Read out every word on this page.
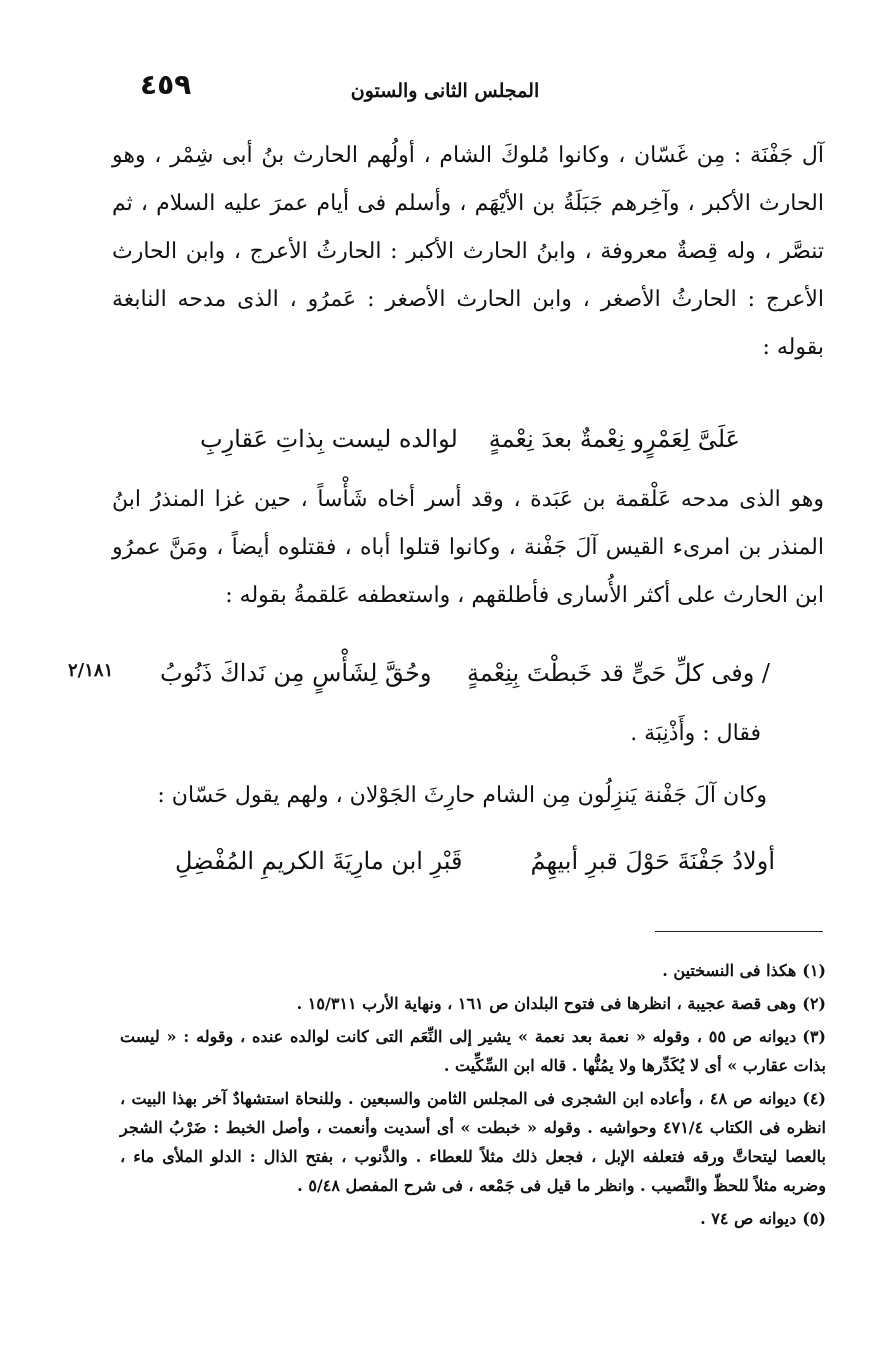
٤٥٩	المجلس الثانى والستون
آل جَفْنَة : مِن غَسّان ، وكانوا مُلوكَ الشام ، أولُهم الحارث بنُ أبى شِمْر ، وهو الحارث الأكبر ، وآخِرهم جَبَلَةُ بن الأيْهَم ، وأسلم فى أيام عمرَ عليه السلام ، ثم تنصَّر ، وله قِصةٌ معروفة ، وابنُ الحارث الأكبر : الحارثُ الأعرج ، وابن الحارث الأعرج : الحارثُ الأصغر ، وابن الحارث الأصغر : عَمرُو ، الذى مدحه النابغة بقوله :
عَلَىَّ لِعَمْرٍو نِعْمةٌ بعدَ نِعْمةٍ
لوالده ليست بِذاتِ عَقارِبِ
وهو الذى مدحه عَلْقمة بن عَبَدة ، وقد أسر أخاه شَأْساً ، حين غزا المنذرُ ابنُ المنذر بن امرىء القيس آلَ جَفْنة ، وكانوا قتلوا أباه ، فقتلوه أيضاً ، ومَنَّ عمرُو ابن الحارث على أكثر الأُسارى فأطلقهم ، واستعطفه عَلقمةُ بقوله :
/ وفى كلِّ حَىٍّ قد خَبطْتَ بِنِعْمةٍ
وحُقَّ لِشَأْسٍ مِن نَداكَ ذَنُوبُ
٢/١٨١
فقال : وأَذْنِبَة .
وكان آلَ جَفْنة يَنزِلُون مِن الشام حارِثَ الجَوْلان ، ولهم يقول حَسّان :
أولادُ جَفْنَةَ حَوْلَ قبرِ أبيهِمُ
قَبْرِ ابن مارِيَةَ الكريمِ المُفْضِلِ
(١)هكذا فى النسختين .
(٢)وهى قصة عجيبة ، انظرها فى فتوح البلدان ص ١٦١ ، ونهاية الأرب ١٥/٣١١ .
(٣)ديوانه ص ٥٥ ، وقوله « نعمة بعد نعمة » يشير إلى النِّعَم التى كانت لوالده عنده ، وقوله : « ليست بذات عقارب » أى لا يُكَدِّرها ولا يمُنُّها . قاله ابن السِّكِّيت .
(٤)ديوانه ص ٤٨ ، وأعاده ابن الشجرى فى المجلس الثامن والسبعين . وللنحاة استشهادٌ آخر بهذا البيت ، انظره فى الكتاب ٤٧١/٤ وحواشيه . وقوله « خبطت » أى أسديت وأنعمت ، وأصل الخبط : ضَرْبُ الشجر بالعصا ليتحاتَّ ورقه فتعلفه الإبل ، فجعل ذلك مثلاً للعطاء . والذَّنوب ، بفتح الذال : الدلو الملأى ماء ، وضربه مثلاً للحظّ والنَّصيب . وانظر ما قيل فى جَمْعه ، فى شرح المفصل ٥/٤٨ .
(٥)ديوانه ص ٧٤ .
